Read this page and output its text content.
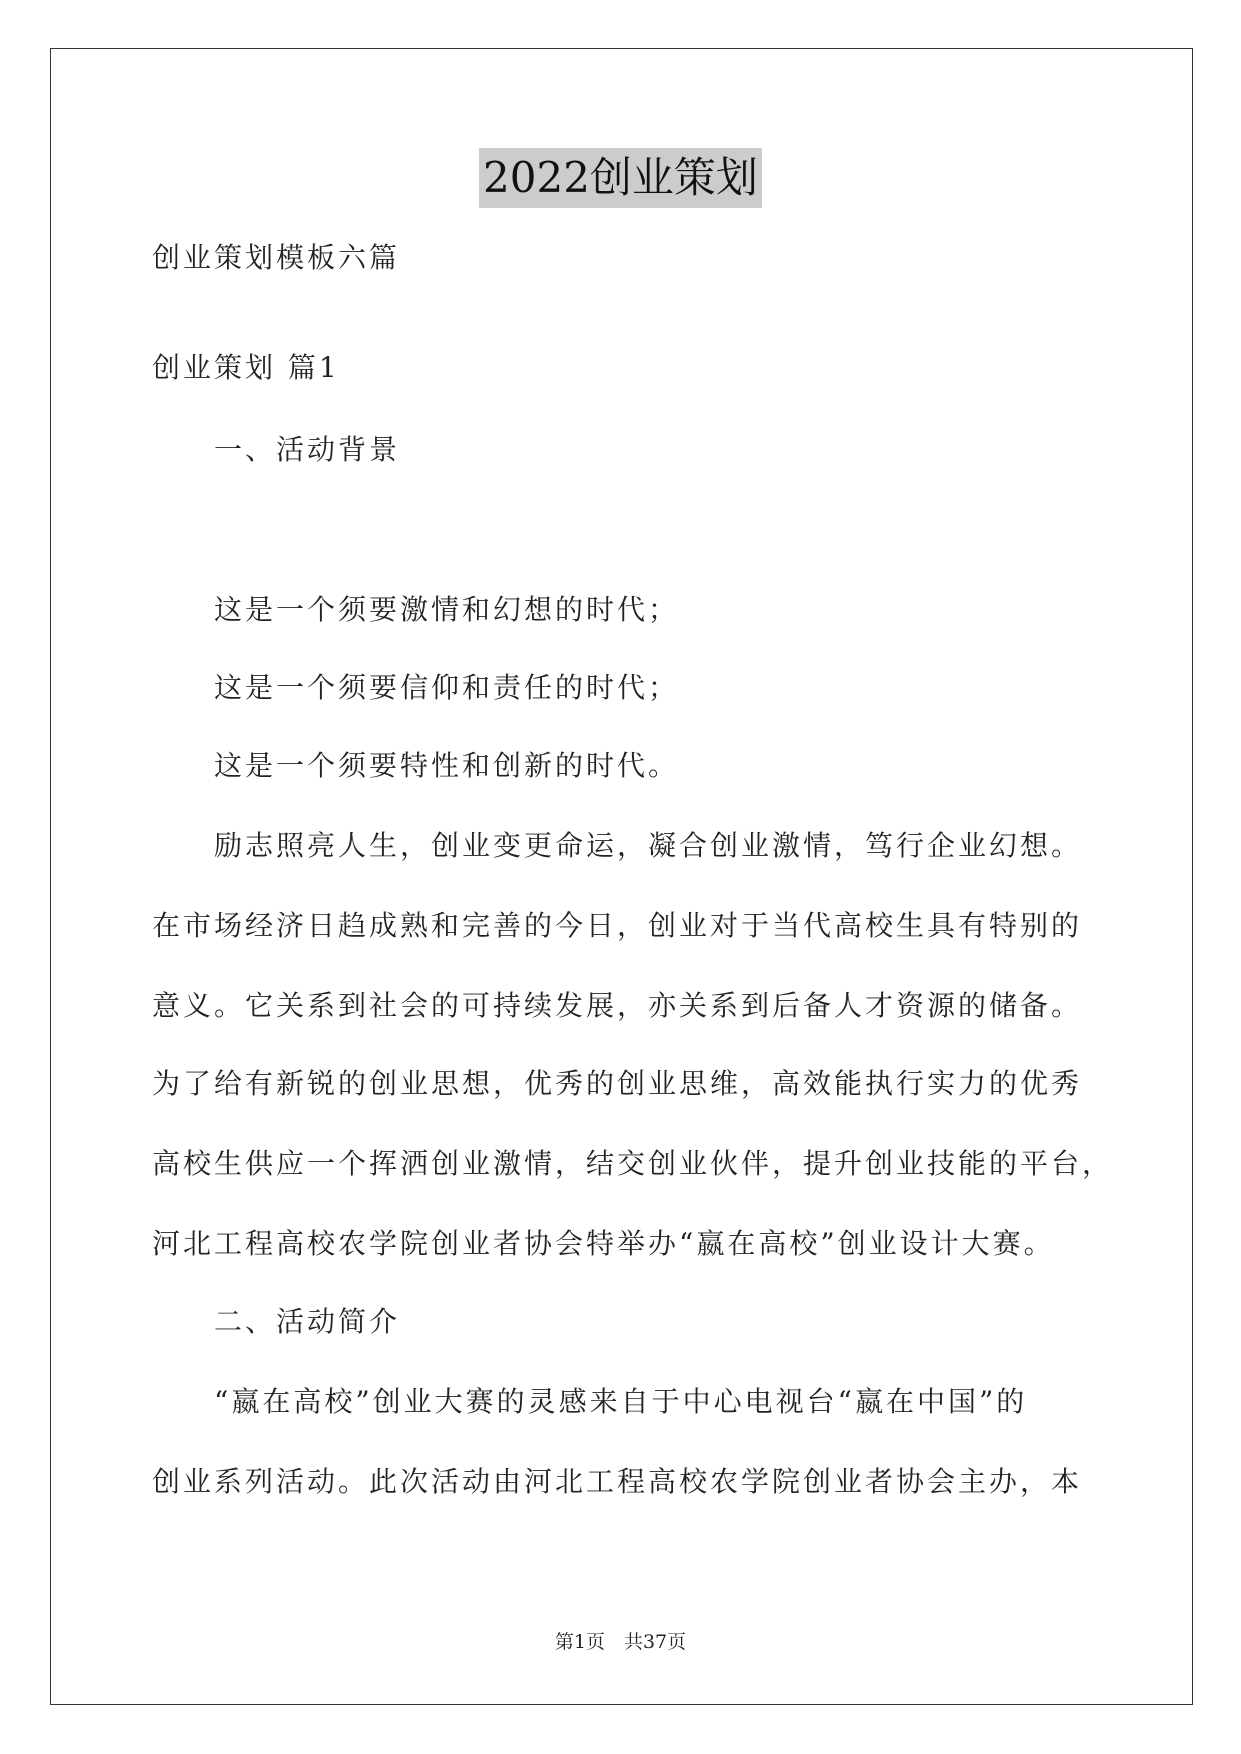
2022创业策划
创业策划模板六篇
创业策划 篇1
一、活动背景
这是一个须要激情和幻想的时代；
这是一个须要信仰和责任的时代；
这是一个须要特性和创新的时代。
励志照亮人生，创业变更命运，凝合创业激情，笃行企业幻想。
在市场经济日趋成熟和完善的今日，创业对于当代高校生具有特别的
意义。它关系到社会的可持续发展，亦关系到后备人才资源的储备。
为了给有新锐的创业思想，优秀的创业思维，高效能执行实力的优秀
高校生供应一个挥洒创业激情，结交创业伙伴，提升创业技能的平台，
河北工程高校农学院创业者协会特举办“嬴在高校”创业设计大赛。
二、活动简介
“嬴在高校”创业大赛的灵感来自于中心电视台“嬴在中国”的
创业系列活动。此次活动由河北工程高校农学院创业者协会主办，本
第1页　共37页
